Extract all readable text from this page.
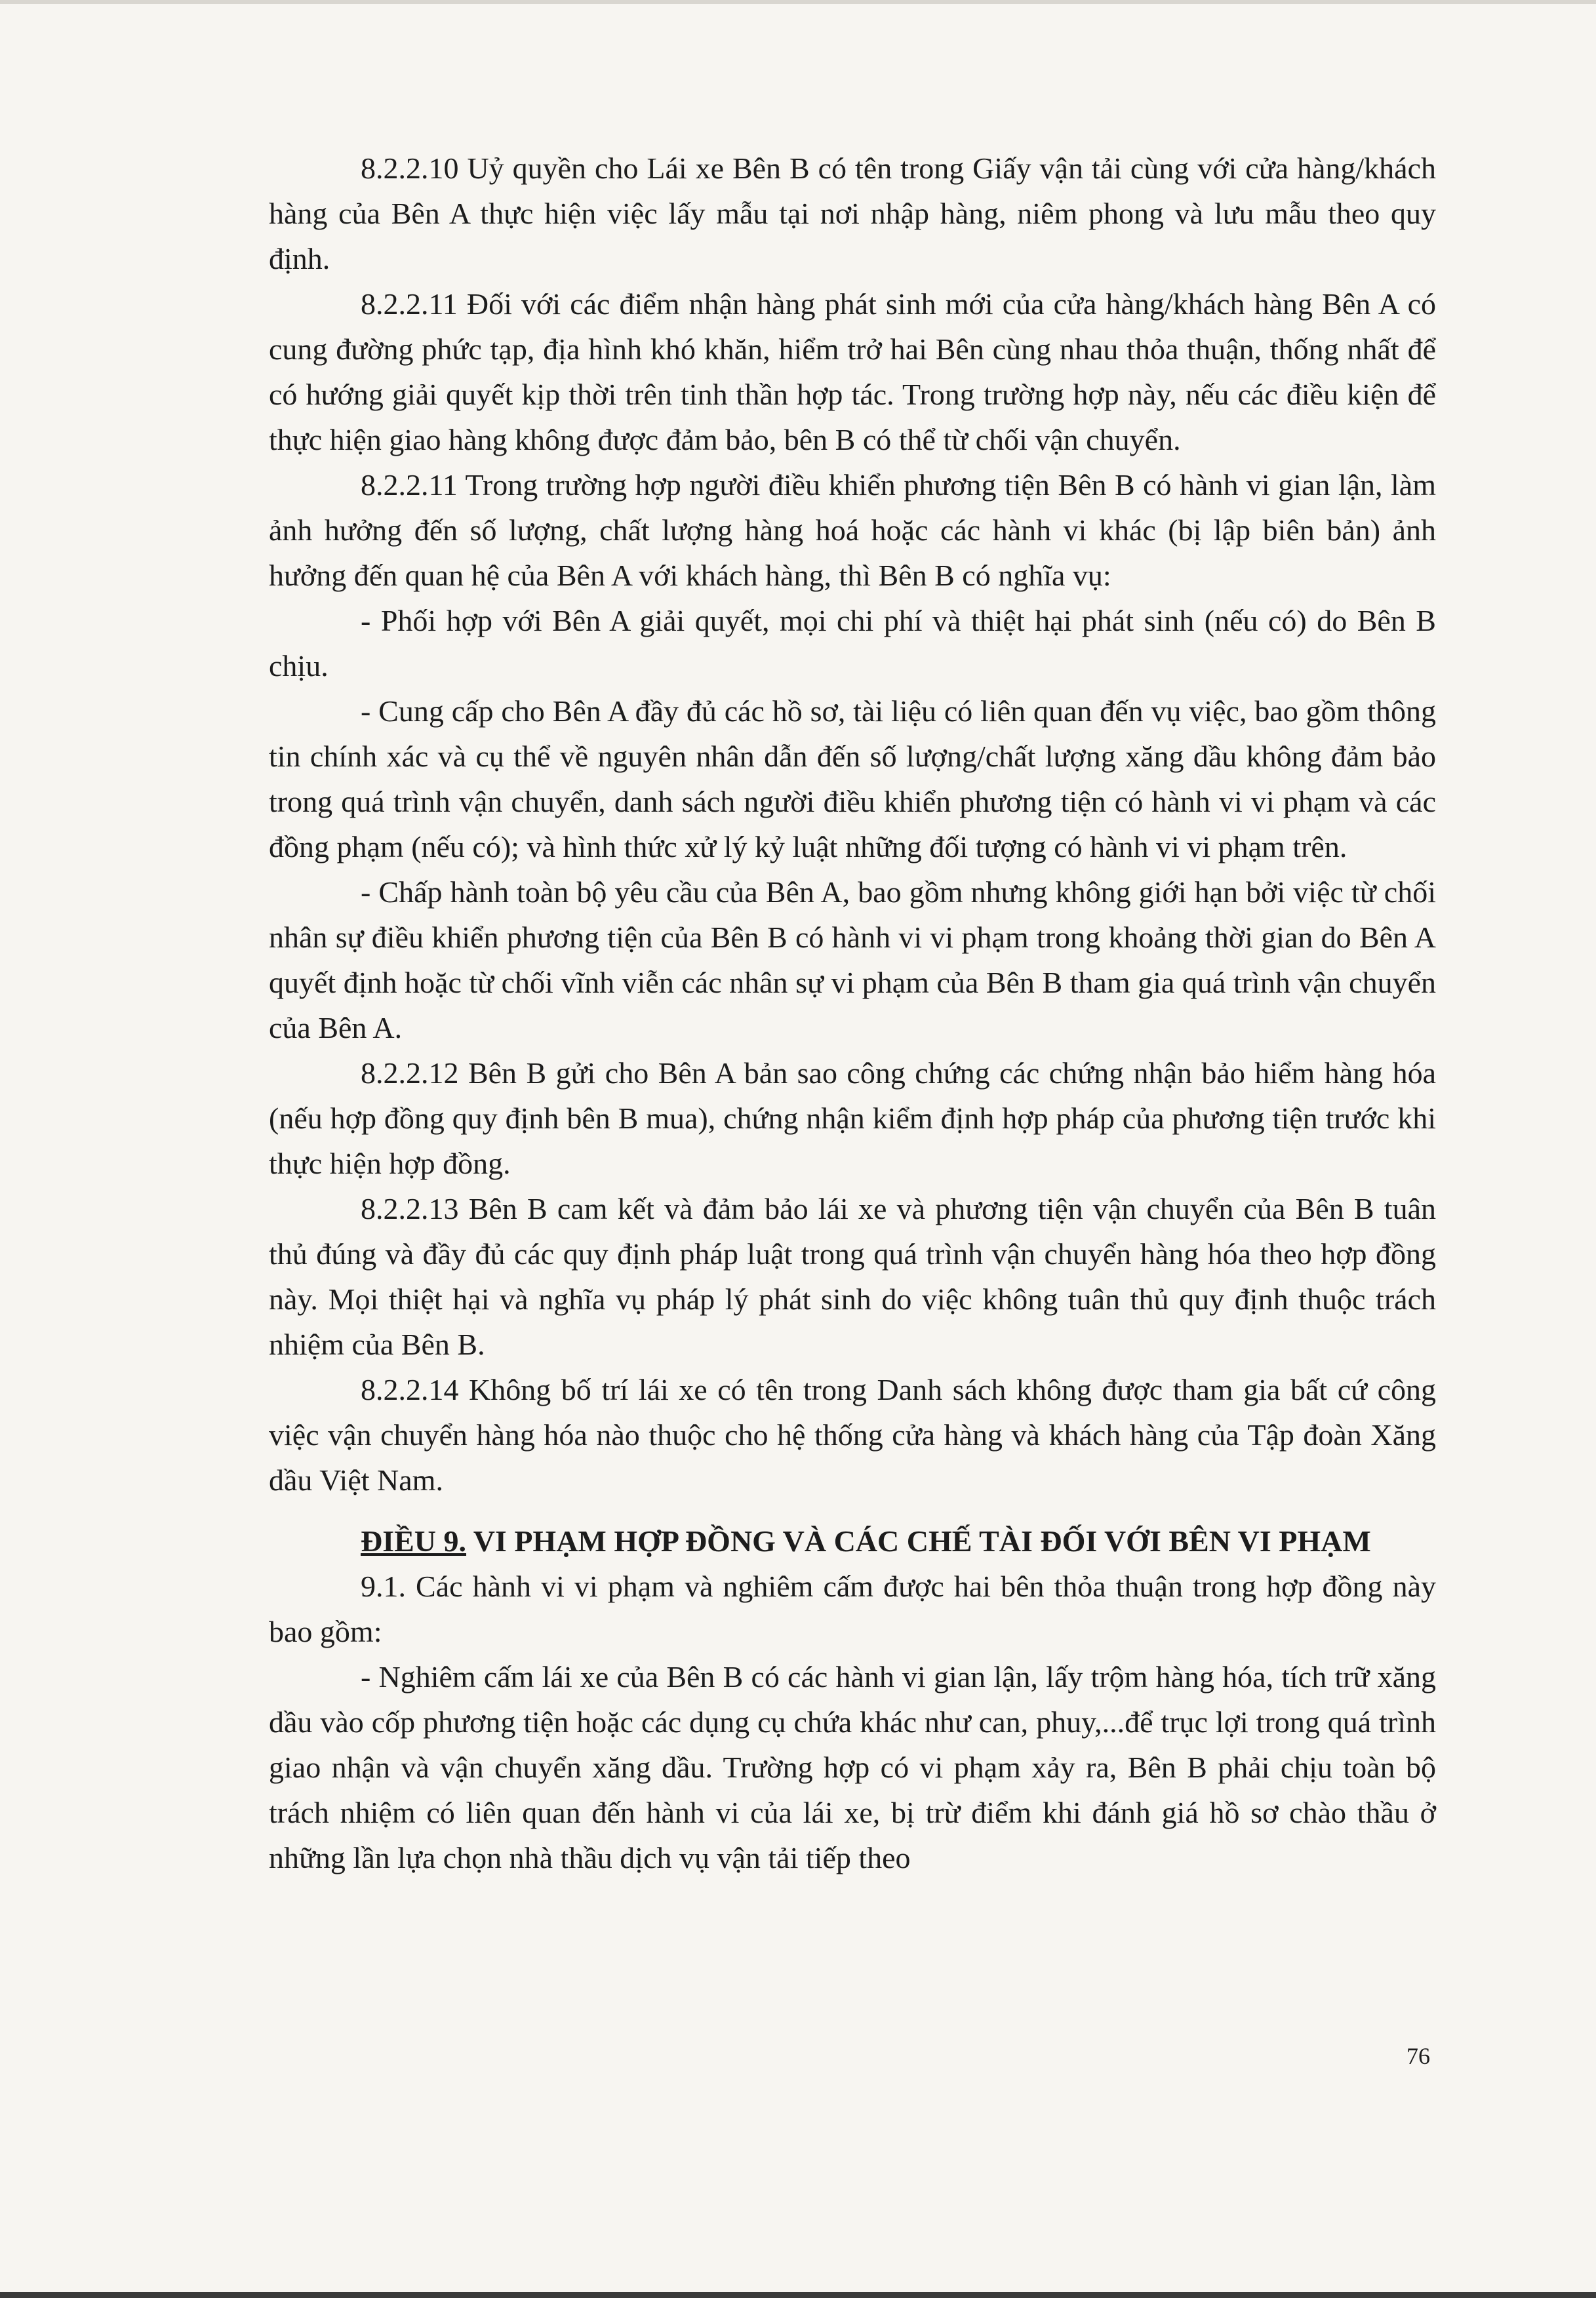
8.2.2.10 Uỷ quyền cho Lái xe Bên B có tên trong Giấy vận tải cùng với cửa hàng/khách hàng của Bên A thực hiện việc lấy mẫu tại nơi nhập hàng, niêm phong và lưu mẫu theo quy định.

8.2.2.11 Đối với các điểm nhận hàng phát sinh mới của cửa hàng/khách hàng Bên A có cung đường phức tạp, địa hình khó khăn, hiểm trở hai Bên cùng nhau thỏa thuận, thống nhất để có hướng giải quyết kịp thời trên tinh thần hợp tác. Trong trường hợp này, nếu các điều kiện để thực hiện giao hàng không được đảm bảo, bên B có thể từ chối vận chuyển.

8.2.2.11 Trong trường hợp người điều khiển phương tiện Bên B có hành vi gian lận, làm ảnh hưởng đến số lượng, chất lượng hàng hoá hoặc các hành vi khác (bị lập biên bản) ảnh hưởng đến quan hệ của Bên A với khách hàng, thì Bên B có nghĩa vụ:

- Phối hợp với Bên A giải quyết, mọi chi phí và thiệt hại phát sinh (nếu có) do Bên B chịu.

- Cung cấp cho Bên A đầy đủ các hồ sơ, tài liệu có liên quan đến vụ việc, bao gồm thông tin chính xác và cụ thể về nguyên nhân dẫn đến số lượng/chất lượng xăng dầu không đảm bảo trong quá trình vận chuyển, danh sách người điều khiển phương tiện có hành vi vi phạm và các đồng phạm (nếu có); và hình thức xử lý kỷ luật những đối tượng có hành vi vi phạm trên.

- Chấp hành toàn bộ yêu cầu của Bên A, bao gồm nhưng không giới hạn bởi việc từ chối nhân sự điều khiển phương tiện của Bên B có hành vi vi phạm trong khoảng thời gian do Bên A quyết định hoặc từ chối vĩnh viễn các nhân sự vi phạm của Bên B tham gia quá trình vận chuyển của Bên A.

8.2.2.12 Bên B gửi cho Bên A bản sao công chứng các chứng nhận bảo hiểm hàng hóa (nếu hợp đồng quy định bên B mua), chứng nhận kiểm định hợp pháp của phương tiện trước khi thực hiện hợp đồng.

8.2.2.13 Bên B cam kết và đảm bảo lái xe và phương tiện vận chuyển của Bên B tuân thủ đúng và đầy đủ các quy định pháp luật trong quá trình vận chuyển hàng hóa theo hợp đồng này. Mọi thiệt hại và nghĩa vụ pháp lý phát sinh do việc không tuân thủ quy định thuộc trách nhiệm của Bên B.

8.2.2.14 Không bố trí lái xe có tên trong Danh sách không được tham gia bất cứ công việc vận chuyển hàng hóa nào thuộc cho hệ thống cửa hàng và khách hàng của Tập đoàn Xăng dầu Việt Nam.

ĐIỀU 9. VI PHẠM HỢP ĐỒNG VÀ CÁC CHẾ TÀI ĐỐI VỚI BÊN VI PHẠM

9.1. Các hành vi vi phạm và nghiêm cấm được hai bên thỏa thuận trong hợp đồng này bao gồm:

- Nghiêm cấm lái xe của Bên B có các hành vi gian lận, lấy trộm hàng hóa, tích trữ xăng dầu vào cốp phương tiện hoặc các dụng cụ chứa khác như can, phuy,...để trục lợi trong quá trình giao nhận và vận chuyển xăng dầu. Trường hợp có vi phạm xảy ra, Bên B phải chịu toàn bộ trách nhiệm có liên quan đến hành vi của lái xe, bị trừ điểm khi đánh giá hồ sơ chào thầu ở những lần lựa chọn nhà thầu dịch vụ vận tải tiếp theo

76
